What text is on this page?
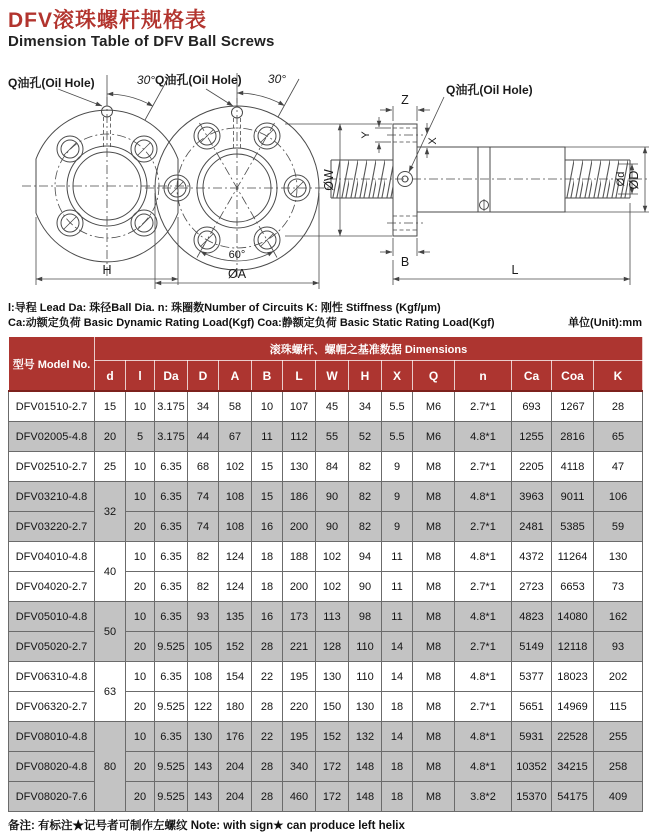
DFV滚珠螺杆规格表
Dimension Table of DFV Ball Screws
30°
Q油孔(Oil Hole)
H
30°
Q油孔(Oil Hole)
60°
ØA
Q油孔(Oil Hole)
ØW
Z
Y
X
Ød ØD
B
L
l:导程 Lead Da: 珠径Ball Dia. n: 珠圈数Number of Circuits K: 刚性 Stiffness (Kgf/μm)
Ca:动额定负荷 Basic Dynamic Rating Load(Kgf) Coa:静额定负荷 Basic Static Rating Load(Kgf)	单位(Unit):mm
型号 Model No.	滚珠螺杆、螺帽之基准数据 Dimensions														
	d	l	Da	D	A	B	L	W	H	X	Q	n	Ca	Coa	K
DFV01510-2.7	15	10	3.175	34	58	10	107	45	34	5.5	M6	2.7*1	693	1267	28
DFV02005-4.8	20	5	3.175	44	67	11	112	55	52	5.5	M6	4.8*1	1255	2816	65
DFV02510-2.7	25	10	6.35	68	102	15	130	84	82	9	M8	2.7*1	2205	4118	47
DFV03210-4.8	32	10	6.35	74	108	15	186	90	82	9	M8	4.8*1	3963	9011	106
DFV03220-2.7		20	6.35	74	108	16	200	90	82	9	M8	2.7*1	2481	5385	59
DFV04010-4.8	40	10	6.35	82	124	18	188	102	94	11	M8	4.8*1	4372	11264	130
DFV04020-2.7		20	6.35	82	124	18	200	102	90	11	M8	2.7*1	2723	6653	73
DFV05010-4.8	50	10	6.35	93	135	16	173	113	98	11	M8	4.8*1	4823	14080	162
DFV05020-2.7		20	9.525	105	152	28	221	128	110	14	M8	2.7*1	5149	12118	93
DFV06310-4.8	63	10	6.35	108	154	22	195	130	110	14	M8	4.8*1	5377	18023	202
DFV06320-2.7		20	9.525	122	180	28	220	150	130	18	M8	2.7*1	5651	14969	115
DFV08010-4.8	80	10	6.35	130	176	22	195	152	132	14	M8	4.8*1	5931	22528	255
DFV08020-4.8		20	9.525	143	204	28	340	172	148	18	M8	4.8*1	10352	34215	258
DFV08020-7.6		20	9.525	143	204	28	460	172	148	18	M8	3.8*2	15370	54175	409
备注: 有标注★记号者可制作左螺纹 Note: with sign★ can produce left helix
